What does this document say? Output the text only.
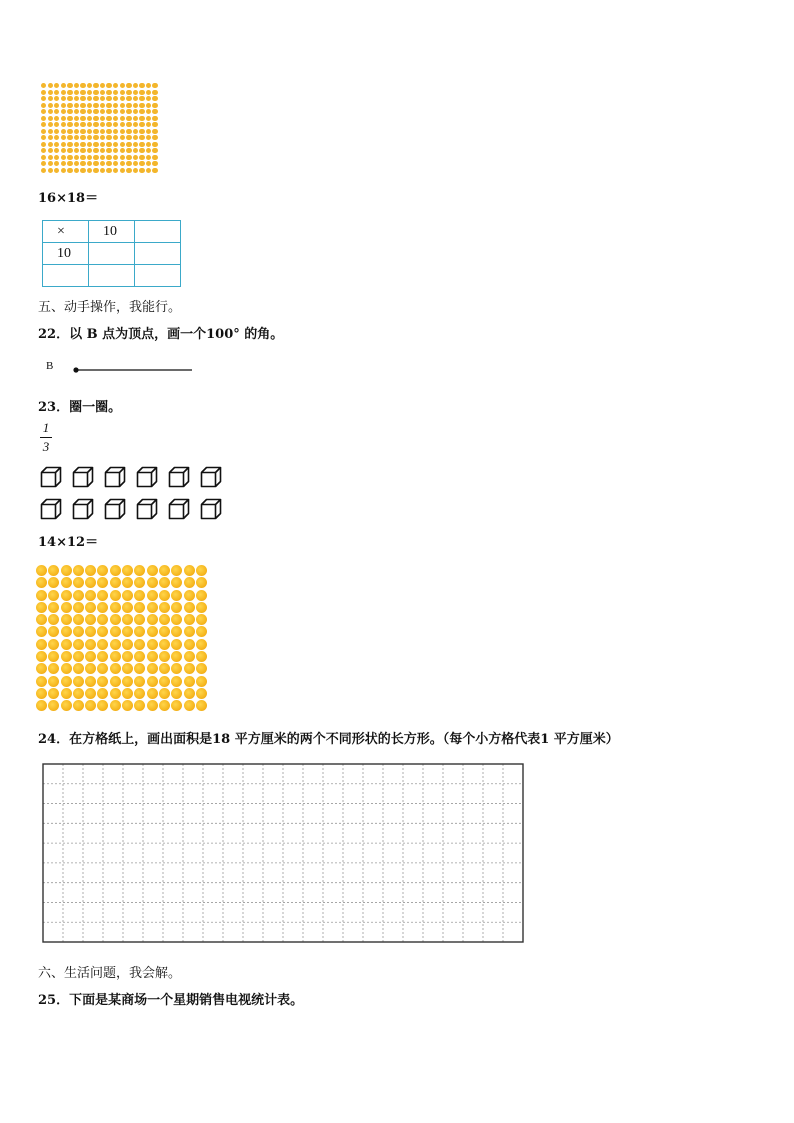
16×18＝
×	10	
10		

五、动手操作，我能行。
22．以 B 点为顶点，画一个100° 的角。
B
23．圈一圈。
1
3
14×12＝
24．在方格纸上，画出面积是18 平方厘米的两个不同形状的长方形。（每个小方格代表1 平方厘米）
六、生活问题，我会解。
25．下面是某商场一个星期销售电视统计表。
